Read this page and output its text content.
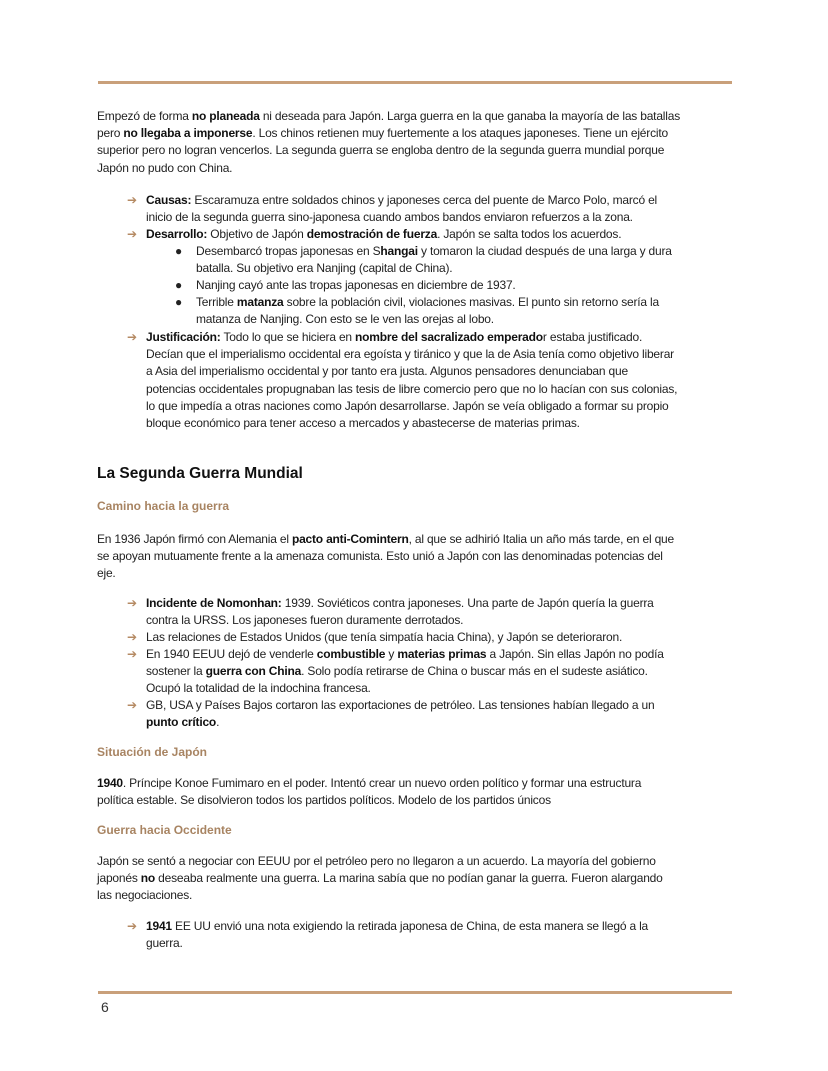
Empezó de forma no planeada ni deseada para Japón. Larga guerra en la que ganaba la mayoría de las batallas
pero no llegaba a imponerse. Los chinos retienen muy fuertemente a los ataques japoneses. Tiene un ejército
superior pero no logran vencerlos. La segunda guerra se engloba dentro de la segunda guerra mundial porque
Japón no pudo con China.
➔ Causas: Escaramuza entre soldados chinos y japoneses cerca del puente de Marco Polo, marcó el
inicio de la segunda guerra sino-japonesa cuando ambos bandos enviaron refuerzos a la zona.
➔ Desarrollo: Objetivo de Japón demostración de fuerza. Japón se salta todos los acuerdos.
● Desembarcó tropas japonesas en Shangai y tomaron la ciudad después de una larga y dura
batalla. Su objetivo era Nanjing (capital de China).
● Nanjing cayó ante las tropas japonesas en diciembre de 1937.
● Terrible matanza sobre la población civil, violaciones masivas. El punto sin retorno sería la
matanza de Nanjing. Con esto se le ven las orejas al lobo.
➔ Justificación: Todo lo que se hiciera en nombre del sacralizado emperador estaba justificado.
Decían que el imperialismo occidental era egoísta y tiránico y que la de Asia tenía como objetivo liberar
a Asia del imperialismo occidental y por tanto era justa. Algunos pensadores denunciaban que
potencias occidentales propugnaban las tesis de libre comercio pero que no lo hacían con sus colonias,
lo que impedía a otras naciones como Japón desarrollarse. Japón se veía obligado a formar su propio
bloque económico para tener acceso a mercados y abastecerse de materias primas.
La Segunda Guerra Mundial
Camino hacia la guerra
En 1936 Japón firmó con Alemania el pacto anti-Comintern, al que se adhirió Italia un año más tarde, en el que
se apoyan mutuamente frente a la amenaza comunista. Esto unió a Japón con las denominadas potencias del
eje.
➔ Incidente de Nomonhan: 1939. Soviéticos contra japoneses. Una parte de Japón quería la guerra
contra la URSS. Los japoneses fueron duramente derrotados.
➔ Las relaciones de Estados Unidos (que tenía simpatía hacia China), y Japón se deterioraron.
➔ En 1940 EEUU dejó de venderle combustible y materias primas a Japón. Sin ellas Japón no podía
sostener la guerra con China. Solo podía retirarse de China o buscar más en el sudeste asiático.
Ocupó la totalidad de la indochina francesa.
➔ GB, USA y Países Bajos cortaron las exportaciones de petróleo. Las tensiones habían llegado a un
punto crítico.
Situación de Japón
1940. Príncipe Konoe Fumimaro en el poder. Intentó crear un nuevo orden político y formar una estructura
política estable. Se disolvieron todos los partidos políticos. Modelo de los partidos únicos
Guerra hacia Occidente
Japón se sentó a negociar con EEUU por el petróleo pero no llegaron a un acuerdo. La mayoría del gobierno
japonés no deseaba realmente una guerra. La marina sabía que no podían ganar la guerra. Fueron alargando
las negociaciones.
➔ 1941 EE UU envió una nota exigiendo la retirada japonesa de China, de esta manera se llegó a la
guerra.
6
